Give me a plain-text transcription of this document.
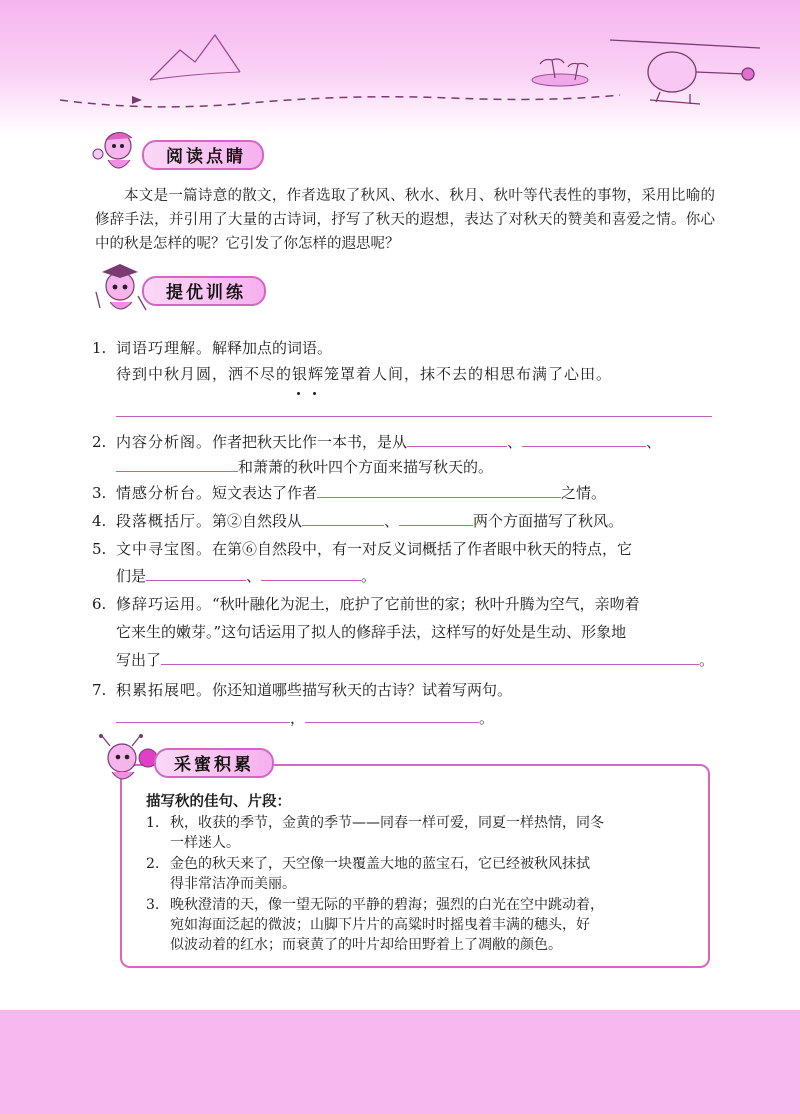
阅读点睛
本文是一篇诗意的散文，作者选取了秋风、秋水、秋月、秋叶等代表性的事物，采用比喻的修辞手法，并引用了大量的古诗词，抒写了秋天的遐想，表达了对秋天的赞美和喜爱之情。你心中的秋是怎样的呢？它引发了你怎样的遐思呢？
提优训练
1. 词语巧理解。解释加点的词语。
待到中秋月圆，洒不尽的银辉笼罩着人间，抹不去的相思布满了心田。
2. 内容分析阁。作者把秋天比作一本书，是从	、	、
和萧萧的秋叶四个方面来描写秋天的。
3. 情感分析台。短文表达了作者	之情。
4. 段落概括厅。第②自然段从	、	两个方面描写了秋风。
5. 文中寻宝图。在第⑥自然段中，有一对反义词概括了作者眼中秋天的特点，它
们是	、	。
6. 修辞巧运用。“秋叶融化为泥土，庇护了它前世的家；秋叶升腾为空气，亲吻着
它来生的嫩芽。”这句话运用了拟人的修辞手法，这样写的好处是生动、形象地
写出了	。
7. 积累拓展吧。你还知道哪些描写秋天的古诗？试着写两句。
，	。
采蜜积累
描写秋的佳句、片段：
1. 秋，收获的季节，金黄的季节——同春一样可爱，同夏一样热情，同冬
一样迷人。
2. 金色的秋天来了，天空像一块覆盖大地的蓝宝石，它已经被秋风抹拭
得非常洁净而美丽。
3. 晚秋澄清的天，像一望无际的平静的碧海；强烈的白光在空中跳动着，
宛如海面泛起的微波；山脚下片片的高粱时时摇曳着丰满的穗头，好
似波动着的红水；而衰黄了的叶片却给田野着上了凋敝的颜色。
